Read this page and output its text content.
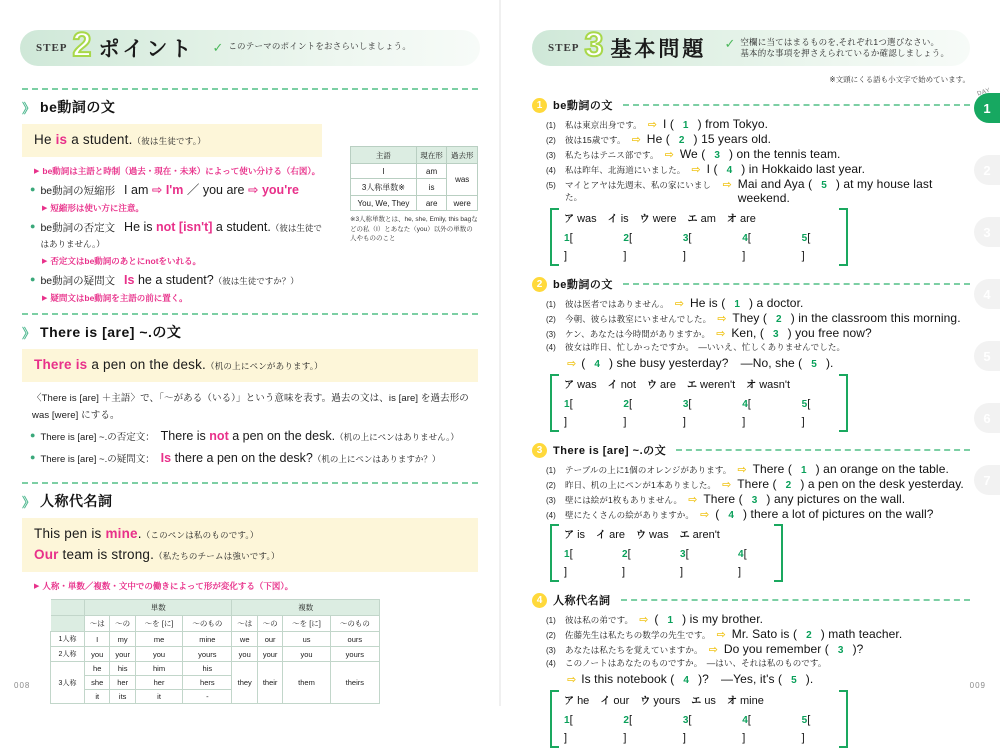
STEP 2 ポイント ✓ このテーマのポイントをおさらいしましょう。
》 be動詞の文
He is a student.（彼は生徒です。）
▶ be動詞は主語と時制（過去・現在・未来）によって使い分ける（右図）。
● be動詞の短縮形 I am ⇨ I'm ／ you are ⇨ you're
▶ 短縮形は使い方に注意。
● be動詞の否定文 He is not [isn't] a student.（彼は生徒ではありません。）
▶ 否定文はbe動詞のあとにnotをいれる。
● be動詞の疑問文 Is he a student?（彼は生徒ですか？）
▶ 疑問文はbe動詞を主語の前に置く。
主語	現在形	過去形
I	am	was
3人称単数※	is	
You, We, They	are	were
※3人称単数とは、he, she, Emily, this bagなどの私（I）とあなた（you）以外の単数の人やもののこと
》 There is [are] ~.の文
There is a pen on the desk.（机の上にペンがあります。）
〈There is [are] ＋主語〉で、「～がある（いる）」という意味を表す。過去の文は、is [are] を過去形のwas [were] にする。
● There is [are] ~.の否定文： There is not a pen on the desk.（机の上にペンはありません。）
● There is [are] ~.の疑問文： Is there a pen on the desk?（机の上にペンはありますか？）
》 人称代名詞
This pen is mine.（このペンは私のものです。）
Our team is strong.（私たちのチームは強いです。）
▶ 人称・単数／複数・文中での働きによって形が変化する（下図）。
	単数				複数			
	～は	～の	～を [に]	～のもの	～は	～の	～を [に]	～のもの
1人称	I	my	me	mine	we	our	us	ours
2人称	you	your	you	yours	you	your	you	yours
3人称	he	his	him	his	they	their	them	theirs
	she	her	her	hers				
	it	its	it	-				
008
STEP 3 基本問題 ✓ 空欄に当てはまるものを,それぞれ1つ選びなさい。
基本的な事項を押さえられているか確認しましょう。
※文頭にくる語も小文字で始めています。
1 be動詞の文
(1)	私は東京出身です。 ⇨ I ( 1 ) from Tokyo.
(2)	彼は15歳です。 ⇨ He ( 2 ) 15 years old.
(3)	私たちはテニス部です。 ⇨ We ( 3 ) on the tennis team.
(4)	私は昨年、北海道にいました。 ⇨ I ( 4 ) in Hokkaido last year.
(5)	マイとアヤは先週末、私の家にいました。
⇨ Mai and Aya ( 5 ) at my house last weekend.
ア was イ is ウ were エ am オ are
1[ ]
2[ ]
3[ ]
4[ ]
5[ ]
2 be動詞の文
(1)	彼は医者ではありません。 ⇨ He is ( 1 ) a doctor.
(2)	今朝、彼らは教室にいませんでした。 ⇨ They ( 2 ) in the classroom this morning.
(3)	ケン、あなたは今時間がありますか。 ⇨ Ken, ( 3 ) you free now?
(4)	彼女は昨日、忙しかったですか。　—いいえ、忙しくありませんでした。
⇨ ( 4 ) she busy yesterday?　—No, she ( 5 ).
ア was イ not ウ are エ weren't オ wasn't
1[ ]
2[ ]
3[ ]
4[ ]
5[ ]
3 There is [are] ~.の文
(1)	テーブルの上に1個のオレンジがあります。 ⇨ There ( 1 ) an orange on the table.
(2)	昨日、机の上にペンが1本ありました。 ⇨ There ( 2 ) a pen on the desk yesterday.
(3)	壁には絵が1枚もありません。 ⇨ There ( 3 ) any pictures on the wall.
(4)	壁にたくさんの絵がありますか。 ⇨ ( 4 ) there a lot of pictures on the wall?
ア is イ are ウ was エ aren't
1[ ]
2[ ]
3[ ]
4[ ]
4 人称代名詞
(1)	彼は私の弟です。 ⇨ ( 1 ) is my brother.
(2)	佐藤先生は私たちの数学の先生です。 ⇨ Mr. Sato is ( 2 ) math teacher.
(3)	あなたは私たちを覚えていますか。 ⇨ Do you remember ( 3 )?
(4)	このノートはあなたのものですか。　—はい、それは私のものです。
⇨ Is this notebook ( 4 )?　—Yes, it's ( 5 ).
ア he イ our ウ yours エ us オ mine
1[ ]
2[ ]
3[ ]
4[ ]
5[ ]
DAY
1
2
3
4
5
6
7
009
